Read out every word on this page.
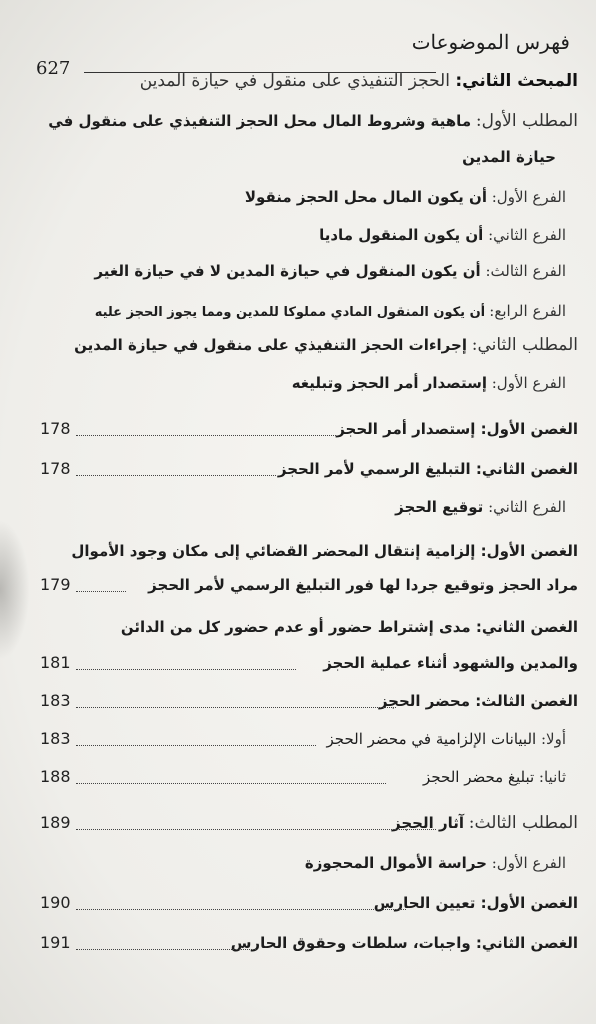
فهرس الموضوعات
627
المبحث الثاني: الحجز التنفيذي على منقول في حيازة المدين
المطلب الأول: ماهية وشروط المال محل الحجز التنفيذي على منقول في
حيازة المدين
الفرع الأول: أن يكون المال محل الحجز منقولا
الفرع الثاني: أن يكون المنقول ماديا
الفرع الثالث: أن يكون المنقول في حيازة المدين لا في حيازة الغير
الفرع الرابع: أن يكون المنقول المادي مملوكا للمدين ومما يجوز الحجز عليه
المطلب الثاني: إجراءات الحجز التنفيذي على منقول في حيازة المدين
الفرع الأول: إستصدار أمر الحجز وتبليغه
الغصن الأول: إستصدار أمر الحجز
178
الغصن الثاني: التبليغ الرسمي لأمر الحجز
178
الفرع الثاني: توقيع الحجز
الغصن الأول: إلزامية إنتقال المحضر القضائي إلى مكان وجود الأموال
مراد الحجز وتوقيع جردا لها فور التبليغ الرسمي لأمر الحجز
179
الغصن الثاني: مدى إشتراط حضور أو عدم حضور كل من الدائن
والمدين والشهود أثناء عملية الحجز
181
الغصن الثالث: محضر الحجز
183
أولا: البيانات الإلزامية في محضر الحجز
183
ثانيا: تبليغ محضر الحجز
188
المطلب الثالث: آثار الحجز
189
الفرع الأول: حراسة الأموال المحجوزة
الغصن الأول: تعيين الحارس
190
الغصن الثاني: واجبات، سلطات وحقوق الحارس
191
